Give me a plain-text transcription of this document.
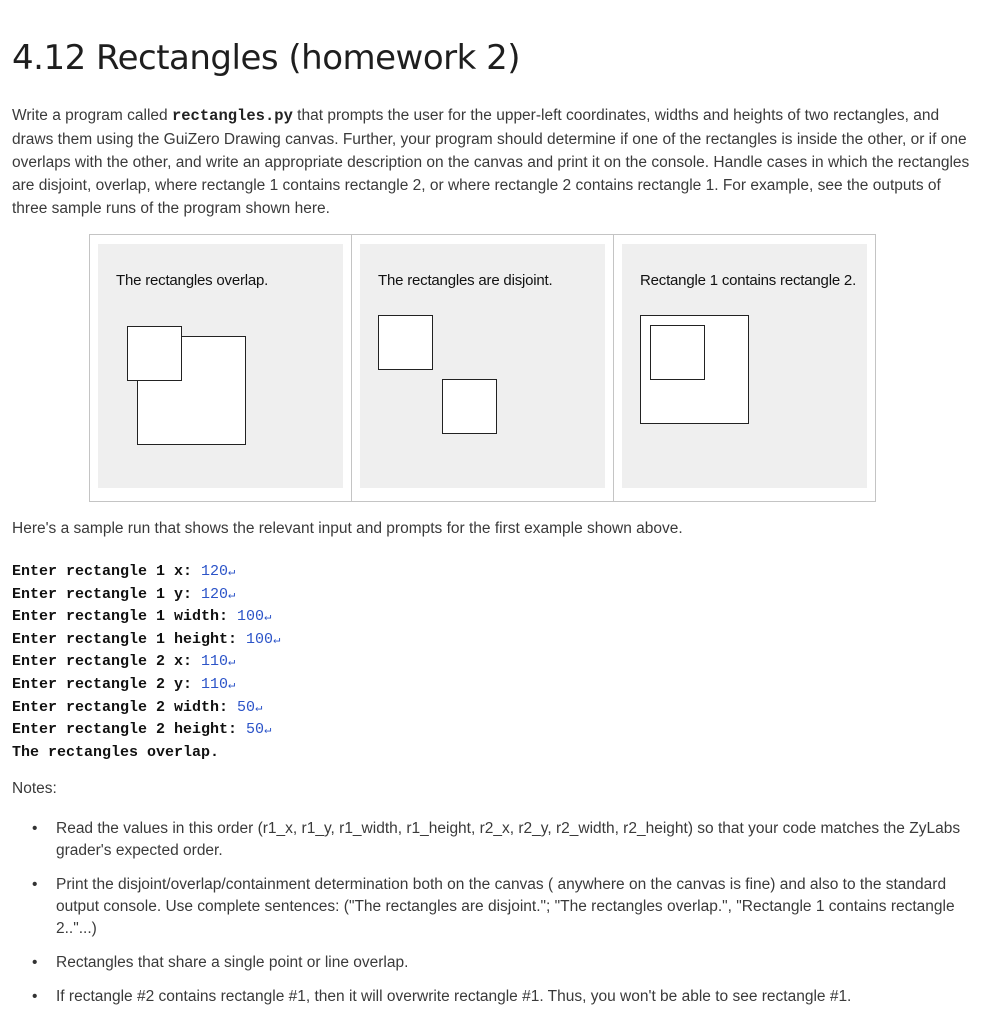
4.12 Rectangles (homework 2)

Write a program called rectangles.py that prompts the user for the upper-left coordinates, widths and heights of two rectangles, and draws them using the GuiZero Drawing canvas. Further, your program should determine if one of the rectangles is inside the other, or if one overlaps with the other, and write an appropriate description on the canvas and print it on the console. Handle cases in which the rectangles are disjoint, overlap, where rectangle 1 contains rectangle 2, or where rectangle 2 contains rectangle 1. For example, see the outputs of three sample runs of the program shown here.

The rectangles overlap.	The rectangles are disjoint.	Rectangle 1 contains rectangle 2.

Here's a sample run that shows the relevant input and prompts for the first example shown above.

Enter rectangle 1 x: 120↵
Enter rectangle 1 y: 120↵
Enter rectangle 1 width: 100↵
Enter rectangle 1 height: 100↵
Enter rectangle 2 x: 110↵
Enter rectangle 2 y: 110↵
Enter rectangle 2 width: 50↵
Enter rectangle 2 height: 50↵
The rectangles overlap.

Notes:

• Read the values in this order (r1_x, r1_y, r1_width, r1_height, r2_x, r2_y, r2_width, r2_height) so that your code matches the ZyLabs grader's expected order.
• Print the disjoint/overlap/containment determination both on the canvas ( anywhere on the canvas is fine) and also to the standard output console. Use complete sentences: ("The rectangles are disjoint."; "The rectangles overlap.", "Rectangle 1 contains rectangle 2.."...)
• Rectangles that share a single point or line overlap.
• If rectangle #2 contains rectangle #1, then it will overwrite rectangle #1. Thus, you won't be able to see rectangle #1.
